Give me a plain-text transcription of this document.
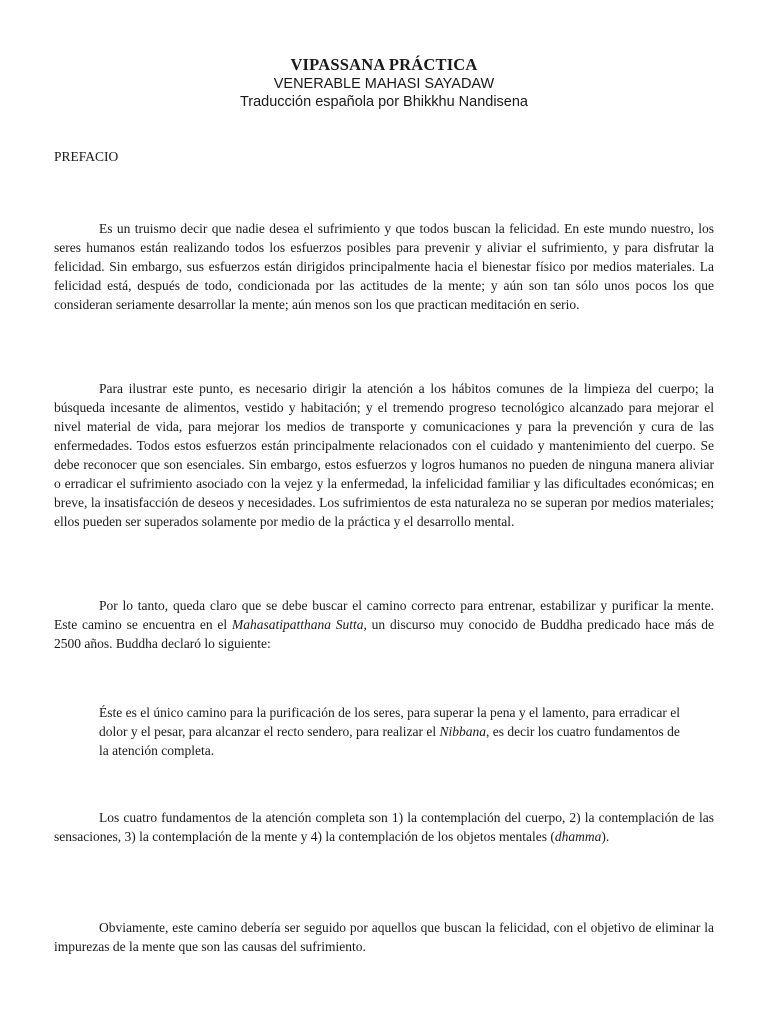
VIPASSANA PRÁCTICA
VENERABLE MAHASI SAYADAW
Traducción española por Bhikkhu Nandisena
PREFACIO

Es un truismo decir que nadie desea el sufrimiento y que todos buscan la felicidad. En este mundo nuestro, los seres humanos están realizando todos los esfuerzos posibles para prevenir y aliviar el sufrimiento, y para disfrutar la felicidad. Sin embargo, sus esfuerzos están dirigidos principalmente hacia el bienestar físico por medios materiales. La felicidad está, después de todo, condicionada por las actitudes de la mente; y aún son tan sólo unos pocos los que consideran seriamente desarrollar la mente; aún menos son los que practican meditación en serio.

Para ilustrar este punto, es necesario dirigir la atención a los hábitos comunes de la limpieza del cuerpo; la búsqueda incesante de alimentos, vestido y habitación; y el tremendo progreso tecnológico alcanzado para mejorar el nivel material de vida, para mejorar los medios de transporte y comunicaciones y para la prevención y cura de las enfermedades. Todos estos esfuerzos están principalmente relacionados con el cuidado y mantenimiento del cuerpo. Se debe reconocer que son esenciales. Sin embargo, estos esfuerzos y logros humanos no pueden de ninguna manera aliviar o erradicar el sufrimiento asociado con la vejez y la enfermedad, la infelicidad familiar y las dificultades económicas; en breve, la insatisfacción de deseos y necesidades. Los sufrimientos de esta naturaleza no se superan por medios materiales; ellos pueden ser superados solamente por medio de la práctica y el desarrollo mental.

Por lo tanto, queda claro que se debe buscar el camino correcto para entrenar, estabilizar y purificar la mente. Este camino se encuentra en el Mahasatipatthana Sutta, un discurso muy conocido de Buddha predicado hace más de 2500 años. Buddha declaró lo siguiente:

Éste es el único camino para la purificación de los seres, para superar la pena y el lamento, para erradicar el dolor y el pesar, para alcanzar el recto sendero, para realizar el Nibbana, es decir los cuatro fundamentos de la atención completa.

Los cuatro fundamentos de la atención completa son 1) la contemplación del cuerpo, 2) la contemplación de las sensaciones, 3) la contemplación de la mente y 4) la contemplación de los objetos mentales (dhamma).

Obviamente, este camino debería ser seguido por aquellos que buscan la felicidad, con el objetivo de eliminar la impurezas de la mente que son las causas del sufrimiento.
